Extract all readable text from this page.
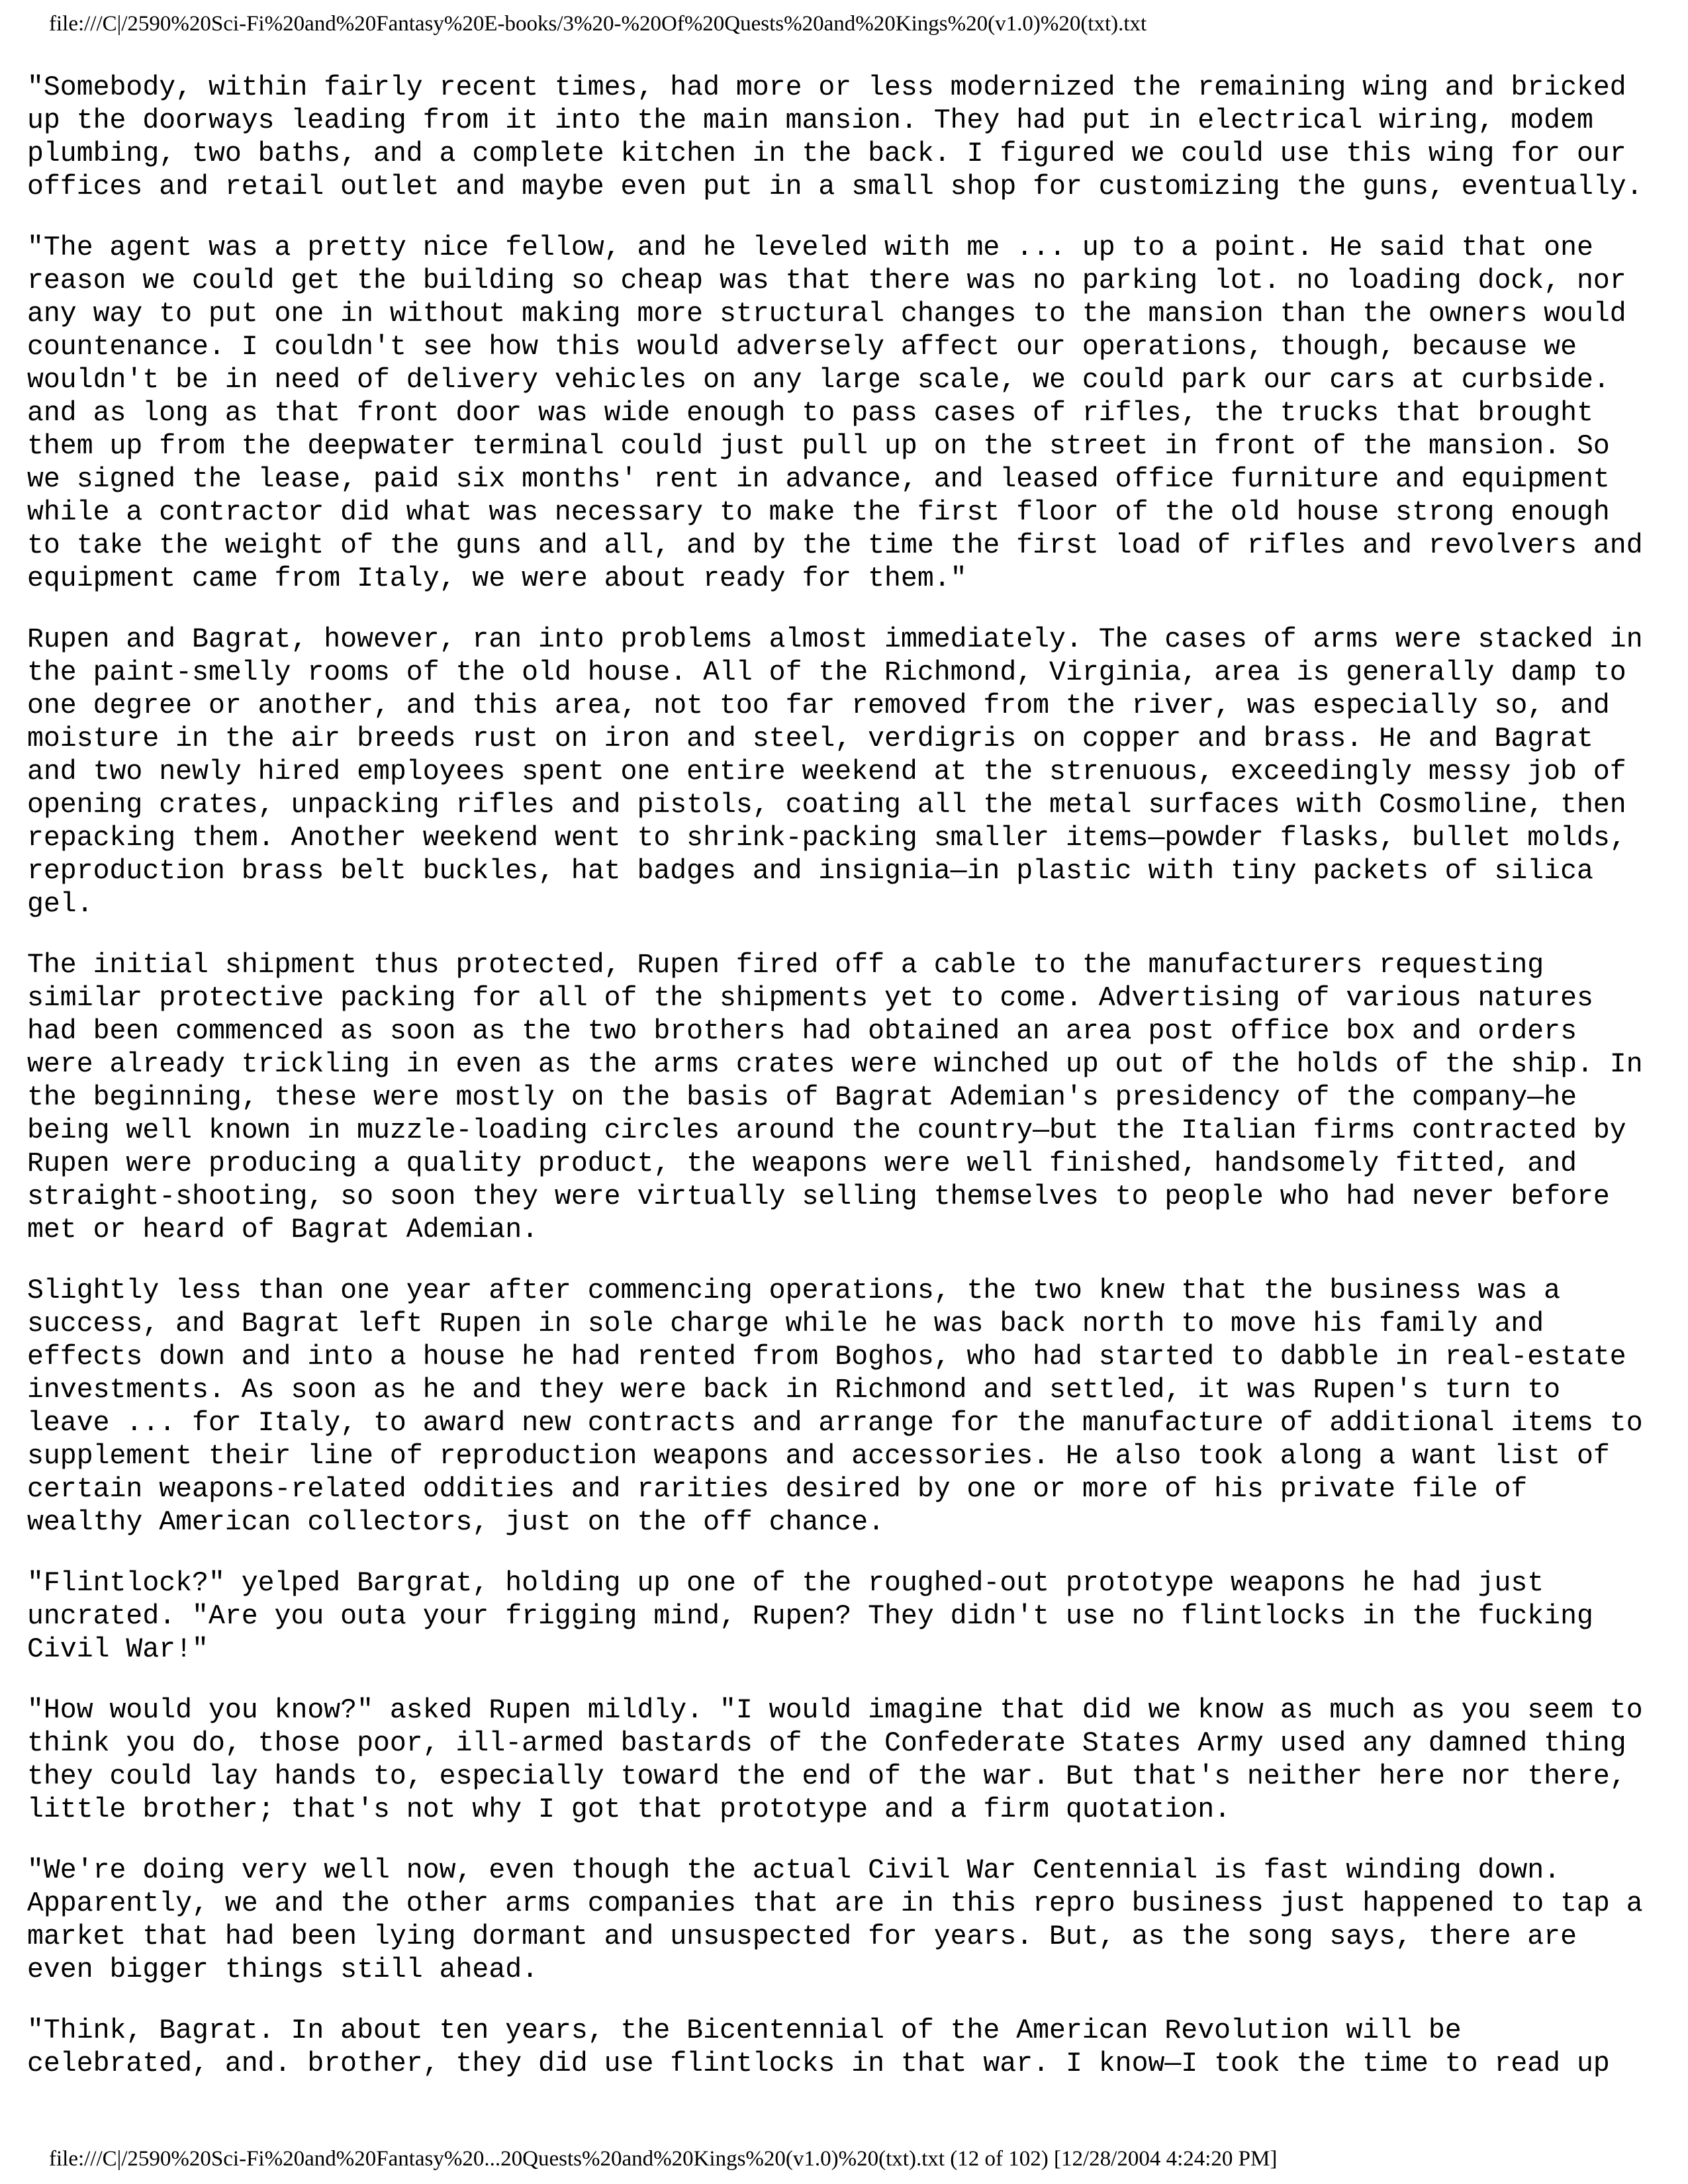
file:///C|/2590%20Sci-Fi%20and%20Fantasy%20E-books/3%20-%20Of%20Quests%20and%20Kings%20(v1.0)%20(txt).txt

"Somebody, within fairly recent times, had more or less modernized the remaining wing and bricked
up the doorways leading from it into the main mansion. They had put in electrical wiring, modem
plumbing, two baths, and a complete kitchen in the back. I figured we could use this wing for our
offices and retail outlet and maybe even put in a small shop for customizing the guns, eventually.

"The agent was a pretty nice fellow, and he leveled with me ... up to a point. He said that one
reason we could get the building so cheap was that there was no parking lot. no loading dock, nor
any way to put one in without making more structural changes to the mansion than the owners would
countenance. I couldn't see how this would adversely affect our operations, though, because we
wouldn't be in need of delivery vehicles on any large scale, we could park our cars at curbside.
and as long as that front door was wide enough to pass cases of rifles, the trucks that brought
them up from the deepwater terminal could just pull up on the street in front of the mansion. So
we signed the lease, paid six months' rent in advance, and leased office furniture and equipment
while a contractor did what was necessary to make the first floor of the old house strong enough
to take the weight of the guns and all, and by the time the first load of rifles and revolvers and
equipment came from Italy, we were about ready for them."

Rupen and Bagrat, however, ran into problems almost immediately. The cases of arms were stacked in
the paint-smelly rooms of the old house. All of the Richmond, Virginia, area is generally damp to
one degree or another, and this area, not too far removed from the river, was especially so, and
moisture in the air breeds rust on iron and steel, verdigris on copper and brass. He and Bagrat
and two newly hired employees spent one entire weekend at the strenuous, exceedingly messy job of
opening crates, unpacking rifles and pistols, coating all the metal surfaces with Cosmoline, then
repacking them. Another weekend went to shrink-packing smaller items—powder flasks, bullet molds,
reproduction brass belt buckles, hat badges and insignia—in plastic with tiny packets of silica
gel.

The initial shipment thus protected, Rupen fired off a cable to the manufacturers requesting
similar protective packing for all of the shipments yet to come. Advertising of various natures
had been commenced as soon as the two brothers had obtained an area post office box and orders
were already trickling in even as the arms crates were winched up out of the holds of the ship. In
the beginning, these were mostly on the basis of Bagrat Ademian's presidency of the company—he
being well known in muzzle-loading circles around the country—but the Italian firms contracted by
Rupen were producing a quality product, the weapons were well finished, handsomely fitted, and
straight-shooting, so soon they were virtually selling themselves to people who had never before
met or heard of Bagrat Ademian.

Slightly less than one year after commencing operations, the two knew that the business was a
success, and Bagrat left Rupen in sole charge while he was back north to move his family and
effects down and into a house he had rented from Boghos, who had started to dabble in real-estate
investments. As soon as he and they were back in Richmond and settled, it was Rupen's turn to
leave ... for Italy, to award new contracts and arrange for the manufacture of additional items to
supplement their line of reproduction weapons and accessories. He also took along a want list of
certain weapons-related oddities and rarities desired by one or more of his private file of
wealthy American collectors, just on the off chance.

"Flintlock?" yelped Bargrat, holding up one of the roughed-out prototype weapons he had just
uncrated. "Are you outa your frigging mind, Rupen? They didn't use no flintlocks in the fucking
Civil War!"

"How would you know?" asked Rupen mildly. "I would imagine that did we know as much as you seem to
think you do, those poor, ill-armed bastards of the Confederate States Army used any damned thing
they could lay hands to, especially toward the end of the war. But that's neither here nor there,
little brother; that's not why I got that prototype and a firm quotation.

"We're doing very well now, even though the actual Civil War Centennial is fast winding down.
Apparently, we and the other arms companies that are in this repro business just happened to tap a
market that had been lying dormant and unsuspected for years. But, as the song says, there are
even bigger things still ahead.

"Think, Bagrat. In about ten years, the Bicentennial of the American Revolution will be
celebrated, and. brother, they did use flintlocks in that war. I know—I took the time to read up

file:///C|/2590%20Sci-Fi%20and%20Fantasy%20...20Quests%20and%20Kings%20(v1.0)%20(txt).txt (12 of 102) [12/28/2004 4:24:20 PM]
